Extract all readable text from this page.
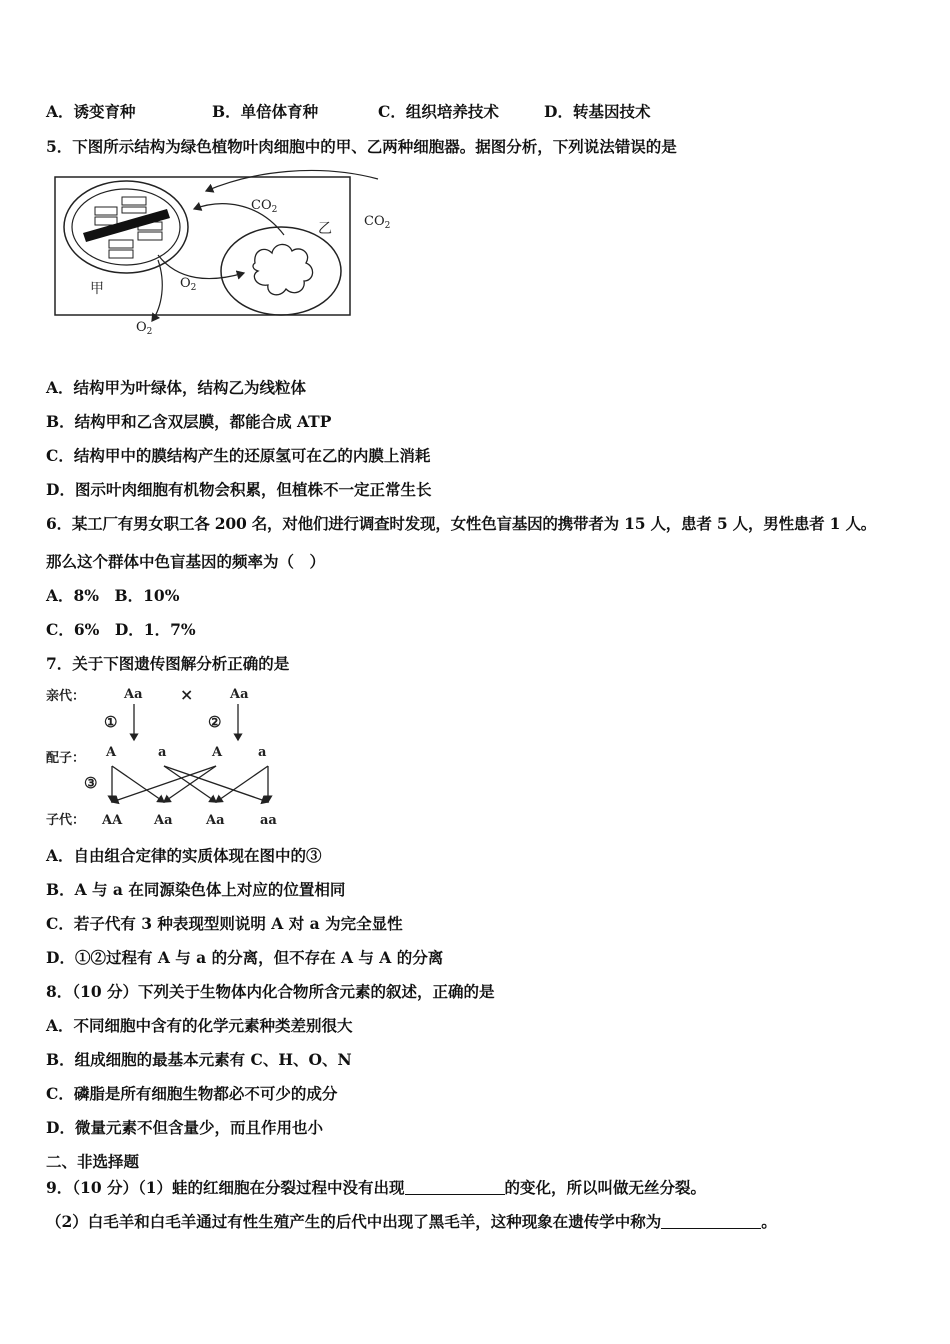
A．诱变育种	B．单倍体育种	C．组织培养技术	D．转基因技术
5．下图所示结构为绿色植物叶肉细胞中的甲、乙两种细胞器。据图分析，下列说法错误的是
$CO_2$
$CO_2$
乙
甲	$O_2$
$O_2$
A．结构甲为叶绿体，结构乙为线粒体
B．结构甲和乙含双层膜，都能合成 ATP
C．结构甲中的膜结构产生的还原氢可在乙的内膜上消耗
D．图示叶肉细胞有机物会积累，但植株不一定正常生长
6．某工厂有男女职工各 200 名，对他们进行调查时发现，女性色盲基因的携带者为 15 人，患者 5 人，男性患者 1 人。
那么这个群体中色盲基因的频率为（　）
A．8%　B．10%
C．6%　D．1．7%
7．关于下图遗传图解分析正确的是
亲代：	Aa ×	Aa
①	②
配子： A	a	A	a
③
子代： AA Aa	Aa	aa
A．自由组合定律的实质体现在图中的③
B．A 与 a 在同源染色体上对应的位置相同
C．若子代有 3 种表现型则说明 A 对 a 为完全显性
D．①②过程有 A 与 a 的分离，但不存在 A 与 A 的分离
8．（10 分）下列关于生物体内化合物所含元素的叙述，正确的是
A．不同细胞中含有的化学元素种类差别很大
B．组成细胞的最基本元素有 C、H、O、N
C．磷脂是所有细胞生物都必不可少的成分
D．微量元素不但含量少，而且作用也小
二、非选择题
9．（10 分）（1）蛙的红细胞在分裂过程中没有出现	的变化，所以叫做无丝分裂。
（2）白毛羊和白毛羊通过有性生殖产生的后代中出现了黑毛羊，这种现象在遗传学中称为	。
